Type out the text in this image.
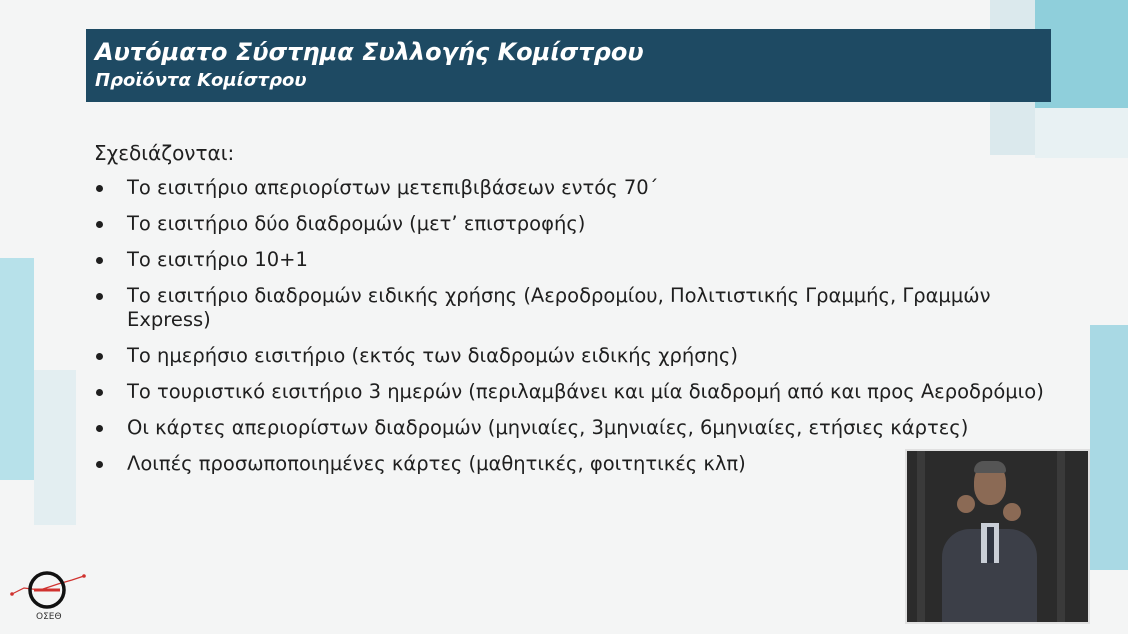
Αυτόματο Σύστημα Συλλογής Κομίστρου
Προϊόντα Κομίστρου
Σχεδιάζονται:
Το εισιτήριο απεριορίστων μετεπιβιβάσεων εντός 70΄
Το εισιτήριο δύο διαδρομών (μετ’ επιστροφής)
Το εισιτήριο 10+1
Το εισιτήριο διαδρομών ειδικής χρήσης (Αεροδρομίου, Πολιτιστικής Γραμμής, Γραμμών Express)
Το ημερήσιο εισιτήριο (εκτός των διαδρομών ειδικής χρήσης)
Το τουριστικό εισιτήριο 3 ημερών (περιλαμβάνει και μία διαδρομή από και προς Αεροδρόμιο)
Οι κάρτες απεριορίστων διαδρομών (μηνιαίες, 3μηνιαίες, 6μηνιαίες, ετήσιες κάρτες)
Λοιπές προσωποποιημένες κάρτες (μαθητικές, φοιτητικές κλπ)
ΟΣΕΘ
